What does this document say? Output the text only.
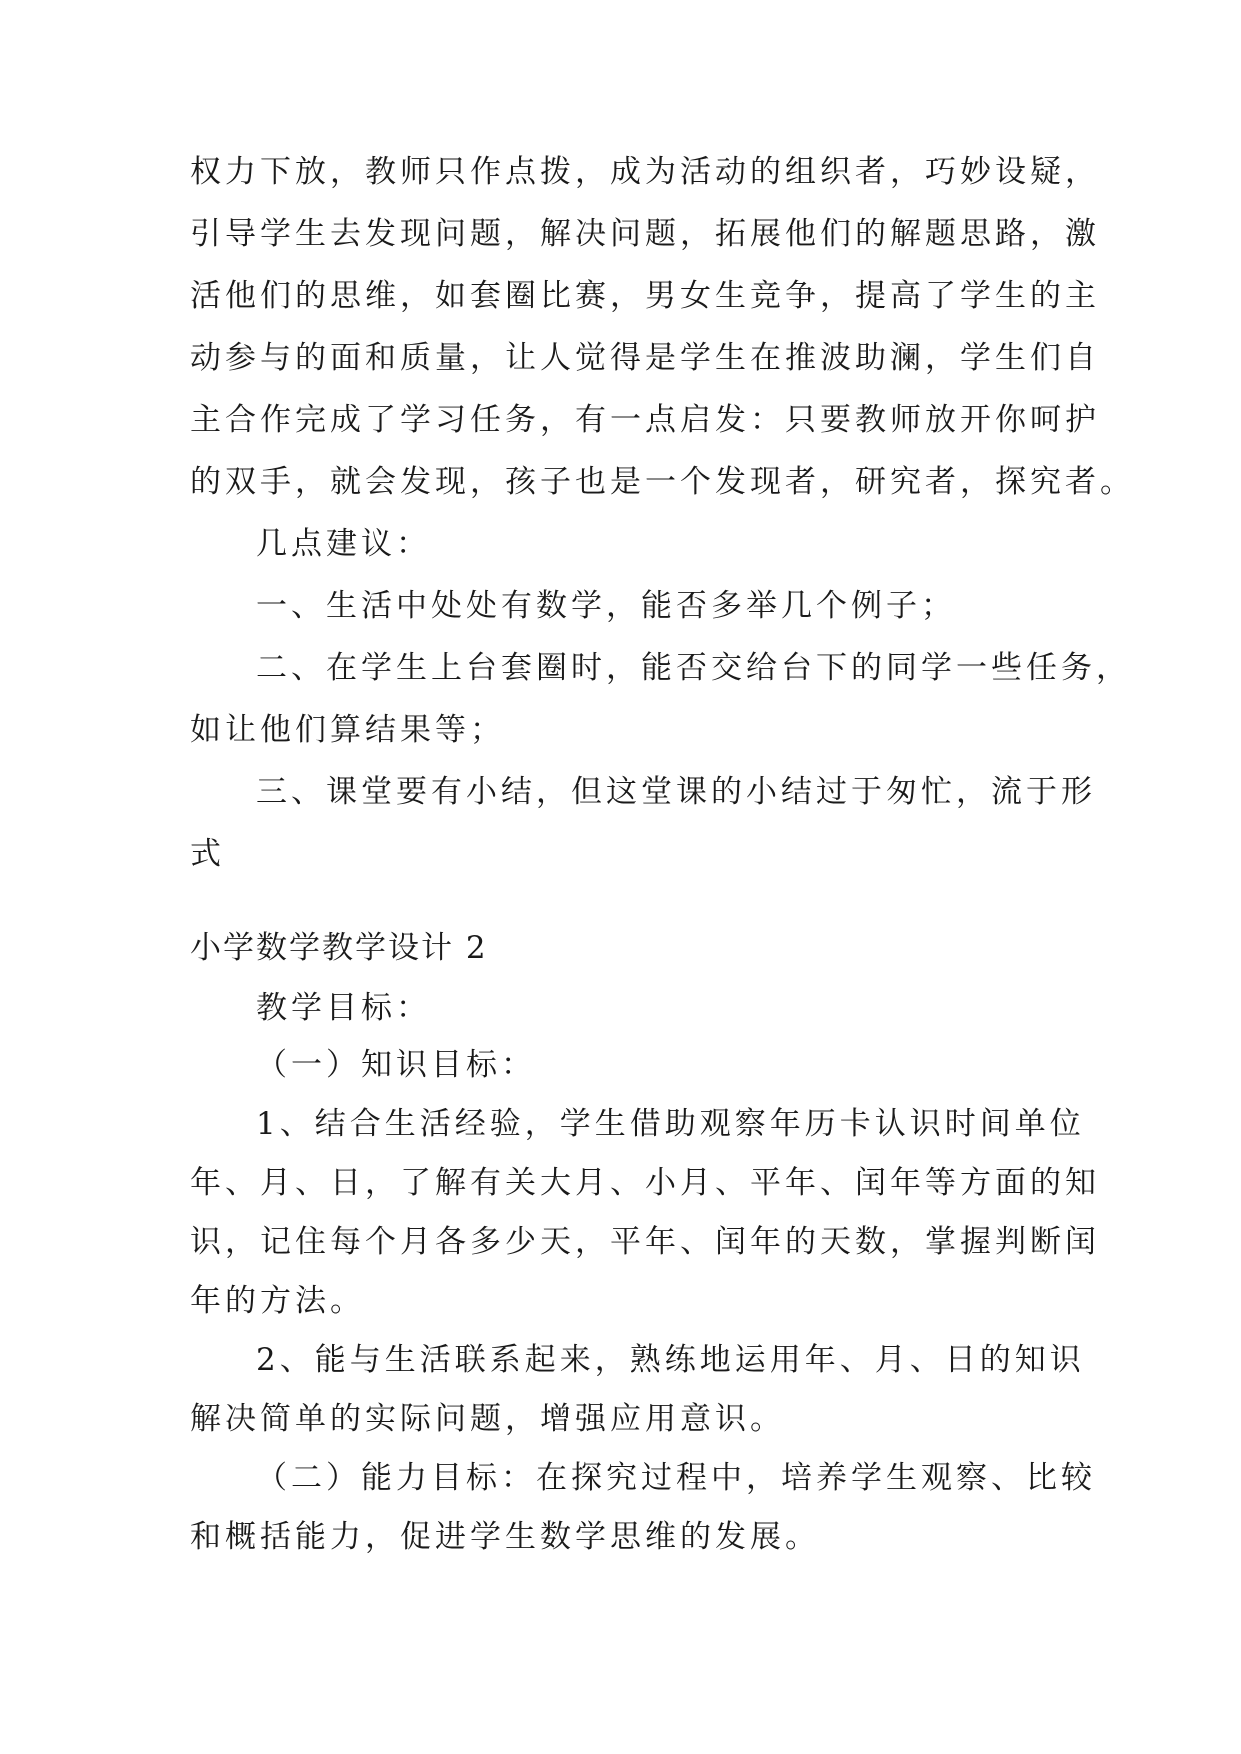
权力下放，教师只作点拨，成为活动的组织者，巧妙设疑，
引导学生去发现问题，解决问题，拓展他们的解题思路，激
活他们的思维，如套圈比赛，男女生竞争，提高了学生的主
动参与的面和质量，让人觉得是学生在推波助澜，学生们自
主合作完成了学习任务，有一点启发：只要教师放开你呵护
的双手，就会发现，孩子也是一个发现者，研究者，探究者。
几点建议：
一、生活中处处有数学，能否多举几个例子；
二、在学生上台套圈时，能否交给台下的同学一些任务，
如让他们算结果等；
三、课堂要有小结，但这堂课的小结过于匆忙，流于形
式
小学数学教学设计 2
教学目标：
（一）知识目标：
1、结合生活经验，学生借助观察年历卡认识时间单位
年、月、日，了解有关大月、小月、平年、闰年等方面的知
识，记住每个月各多少天，平年、闰年的天数，掌握判断闰
年的方法。
2、能与生活联系起来，熟练地运用年、月、日的知识
解决简单的实际问题，增强应用意识。
（二）能力目标：在探究过程中，培养学生观察、比较
和概括能力，促进学生数学思维的发展。
